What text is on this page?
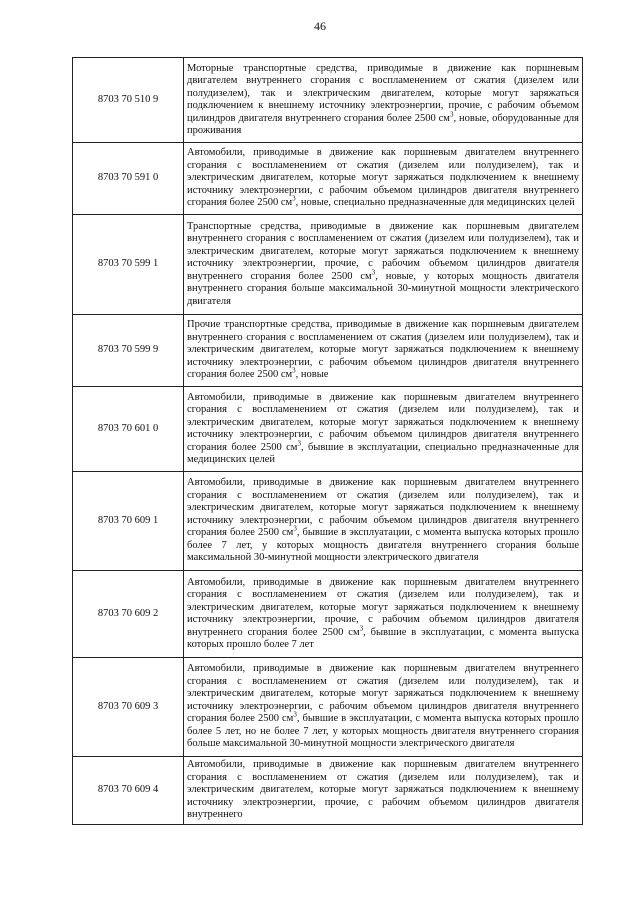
46
8703 70 510 9	Моторные транспортные средства, приводимые в движение как поршневым двигателем внутреннего сгорания с воспламенением от сжатия (дизелем или полудизелем), так и электрическим двигателем, которые могут заряжаться подключением к внешнему источнику электроэнергии, прочие, с рабочим объемом цилиндров двигателя внутреннего сгорания более 2500 $см^3$, новые, оборудованные для проживания
8703 70 591 0	Автомобили, приводимые в движение как поршневым двигателем внутреннего сгорания с воспламенением от сжатия (дизелем или полудизелем), так и электрическим двигателем, которые могут заряжаться подключением к внешнему источнику электроэнергии, с рабочим объемом цилиндров двигателя внутреннего сгорания более 2500 $см^3$, новые, специально предназначенные для медицинских целей
8703 70 599 1	Транспортные средства, приводимые в движение как поршневым двигателем внутреннего сгорания с воспламенением от сжатия (дизелем или полудизелем), так и электрическим двигателем, которые могут заряжаться подключением к внешнему источнику электроэнергии, прочие, с рабочим объемом цилиндров двигателя внутреннего сгорания более 2500 $см^3$, новые, у которых мощность двигателя внутреннего сгорания больше максимальной 30-минутной мощности электрического двигателя
8703 70 599 9	Прочие транспортные средства, приводимые в движение как поршневым двигателем внутреннего сгорания с воспламенением от сжатия (дизелем или полудизелем), так и электрическим двигателем, которые могут заряжаться подключением к внешнему источнику электроэнергии, с рабочим объемом цилиндров двигателя внутреннего сгорания более 2500 $см^3$, новые
8703 70 601 0	Автомобили, приводимые в движение как поршневым двигателем внутреннего сгорания с воспламенением от сжатия (дизелем или полудизелем), так и электрическим двигателем, которые могут заряжаться подключением к внешнему источнику электроэнергии, с рабочим объемом цилиндров двигателя внутреннего сгорания более 2500 $см^3$, бывшие в эксплуатации, специально предназначенные для медицинских целей
8703 70 609 1	Автомобили, приводимые в движение как поршневым двигателем внутреннего сгорания с воспламенением от сжатия (дизелем или полудизелем), так и электрическим двигателем, которые могут заряжаться подключением к внешнему источнику электроэнергии, с рабочим объемом цилиндров двигателя внутреннего сгорания более 2500 $см^3$, бывшие в эксплуатации, с момента выпуска которых прошло более 7 лет, у которых мощность двигателя внутреннего сгорания больше максимальной 30-минутной мощности электрического двигателя
8703 70 609 2	Автомобили, приводимые в движение как поршневым двигателем внутреннего сгорания с воспламенением от сжатия (дизелем или полудизелем), так и электрическим двигателем, которые могут заряжаться подключением к внешнему источнику электроэнергии, прочие, с рабочим объемом цилиндров двигателя внутреннего сгорания более 2500 $см^3$, бывшие в эксплуатации, с момента выпуска которых прошло более 7 лет
8703 70 609 3	Автомобили, приводимые в движение как поршневым двигателем внутреннего сгорания с воспламенением от сжатия (дизелем или полудизелем), так и электрическим двигателем, которые могут заряжаться подключением к внешнему источнику электроэнергии, с рабочим объемом цилиндров двигателя внутреннего сгорания более 2500 $см^3$, бывшие в эксплуатации, с момента выпуска которых прошло более 5 лет, но не более 7 лет, у которых мощность двигателя внутреннего сгорания больше максимальной 30-минутной мощности электрического двигателя
8703 70 609 4	Автомобили, приводимые в движение как поршневым двигателем внутреннего сгорания с воспламенением от сжатия (дизелем или полудизелем), так и электрическим двигателем, которые могут заряжаться подключением к внешнему источнику электроэнергии, прочие, с рабочим объемом цилиндров двигателя внутреннего
